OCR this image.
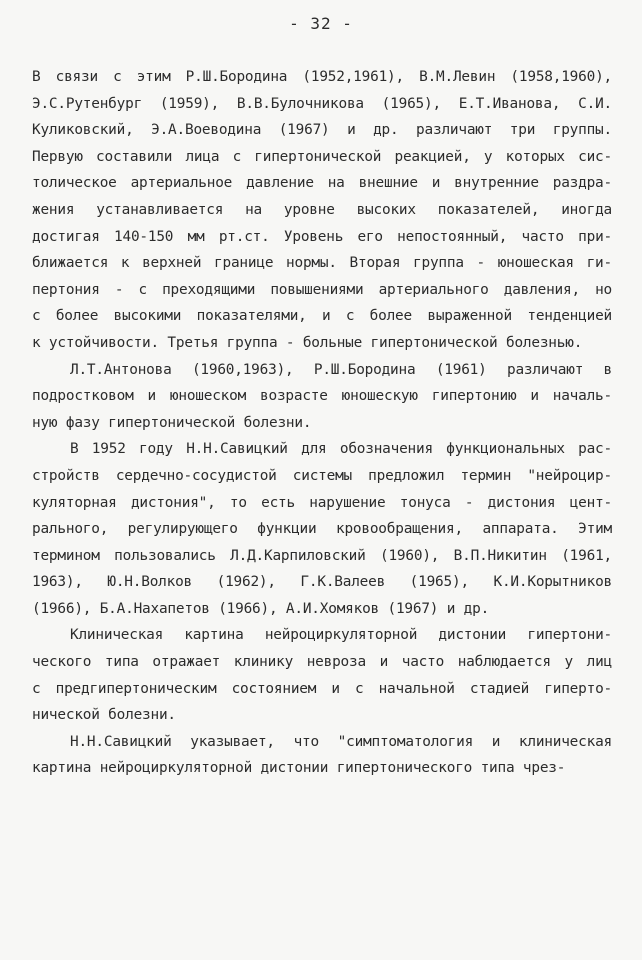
- 32 -
В связи с этим Р.Ш.Бородина (1952,1961), В.М.Левин (1958,1960),
Э.С.Рутенбург (1959), В.В.Булочникова (1965), Е.Т.Иванова, С.И.
Куликовский, Э.А.Воеводина (1967) и др. различают три группы.
Первую составили лица с гипертонической реакцией, у которых сис-
толическое артериальное давление на внешние и внутренние раздра-
жения устанавливается на уровне высоких показателей, иногда
достигая 140-150 мм рт.ст. Уровень его непостоянный, часто при-
ближается к верхней границе нормы. Вторая группа - юношеская ги-
пертония - с преходящими повышениями артериального давления, но
с более высокими показателями, и с более выраженной тенденцией
к устойчивости. Третья группа - больные гипертонической болезнью.
Л.Т.Антонова (1960,1963), Р.Ш.Бородина (1961) различают в
подростковом и юношеском возрасте юношескую гипертонию и началь-
ную фазу гипертонической болезни.
В 1952 году Н.Н.Савицкий для обозначения функциональных рас-
стройств сердечно-сосудистой системы предложил термин "нейроцир-
куляторная дистония", то есть нарушение тонуса - дистония цент-
рального, регулирующего функции кровообращения, аппарата. Этим
термином пользовались Л.Д.Карпиловский (1960), В.П.Никитин (1961,
1963), Ю.Н.Волков (1962), Г.К.Валеев (1965), К.И.Корытников
(1966), Б.А.Нахапетов (1966), А.И.Хомяков (1967) и др.
Клиническая картина нейроциркуляторной дистонии гипертони-
ческого типа отражает клинику невроза и часто наблюдается у лиц
с предгипертоническим состоянием и с начальной стадией гиперто-
нической болезни.
Н.Н.Савицкий указывает, что "симптоматология и клиническая
картина нейроциркуляторной дистонии гипертонического типа чрез-
